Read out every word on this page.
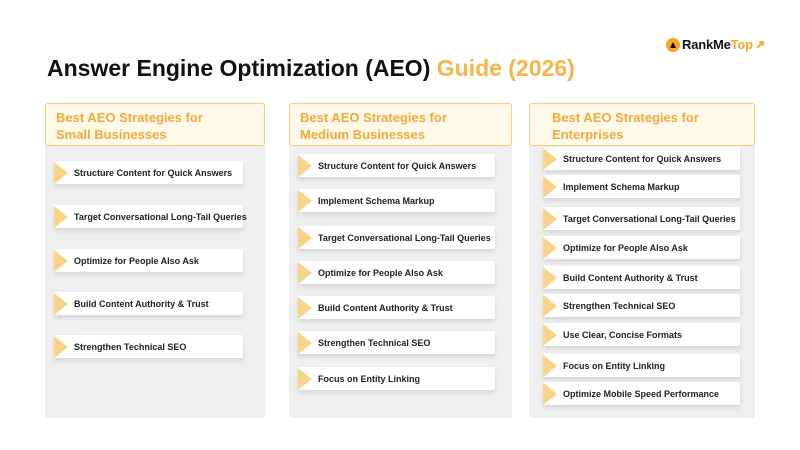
RankMeTop
Answer Engine Optimization (AEO) Guide (2026)
Best AEO Strategies for
Small Businesses
Structure Content for Quick Answers
Target Conversational Long-Tail Queries
Optimize for People Also Ask
Build Content Authority & Trust
Strengthen Technical SEO
Best AEO Strategies for
Medium Businesses
Structure Content for Quick Answers
Implement Schema Markup
Target Conversational Long-Tail Queries
Optimize for People Also Ask
Build Content Authority & Trust
Strengthen Technical SEO
Focus on Entity Linking
Best AEO Strategies for
Enterprises
Structure Content for Quick Answers
Implement Schema Markup
Target Conversational Long-Tail Queries
Optimize for People Also Ask
Build Content Authority & Trust
Strengthen Technical SEO
Use Clear, Concise Formats
Focus on Entity Linking
Optimize Mobile Speed Performance
